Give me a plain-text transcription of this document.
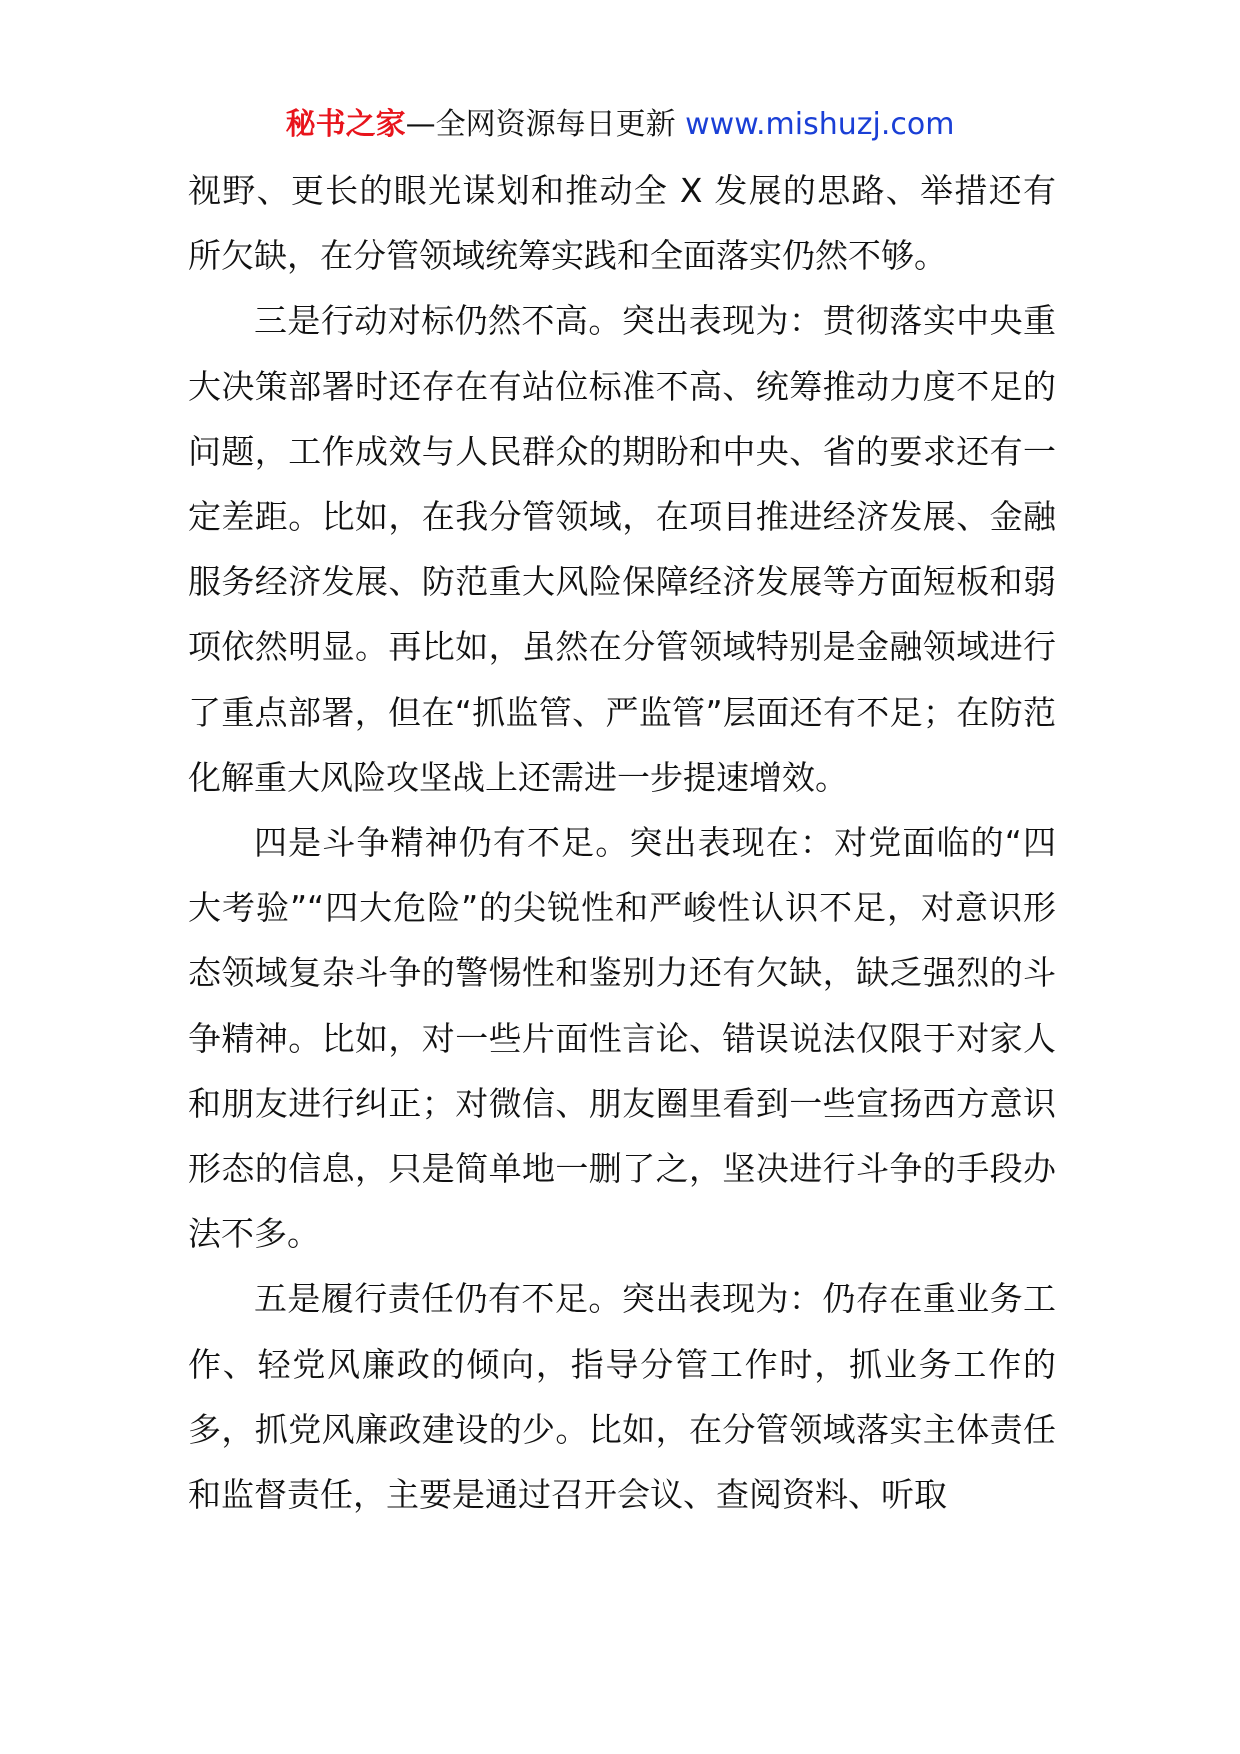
秘书之家—全网资源每日更新 www.mishuzj.com

视野、更长的眼光谋划和推动全 X 发展的思路、举措还有所欠缺，在分管领域统筹实践和全面落实仍然不够。

三是行动对标仍然不高。突出表现为：贯彻落实中央重大决策部署时还存在有站位标准不高、统筹推动力度不足的问题，工作成效与人民群众的期盼和中央、省的要求还有一定差距。比如，在我分管领域，在项目推进经济发展、金融服务经济发展、防范重大风险保障经济发展等方面短板和弱项依然明显。再比如，虽然在分管领域特别是金融领域进行了重点部署，但在“抓监管、严监管”层面还有不足；在防范化解重大风险攻坚战上还需进一步提速增效。

四是斗争精神仍有不足。突出表现在：对党面临的“四大考验”“四大危险”的尖锐性和严峻性认识不足，对意识形态领域复杂斗争的警惕性和鉴别力还有欠缺，缺乏强烈的斗争精神。比如，对一些片面性言论、错误说法仅限于对家人和朋友进行纠正；对微信、朋友圈里看到一些宣扬西方意识形态的信息，只是简单地一删了之，坚决进行斗争的手段办法不多。

五是履行责任仍有不足。突出表现为：仍存在重业务工作、轻党风廉政的倾向，指导分管工作时，抓业务工作的多，抓党风廉政建设的少。比如，在分管领域落实主体责任和监督责任，主要是通过召开会议、查阅资料、听取
